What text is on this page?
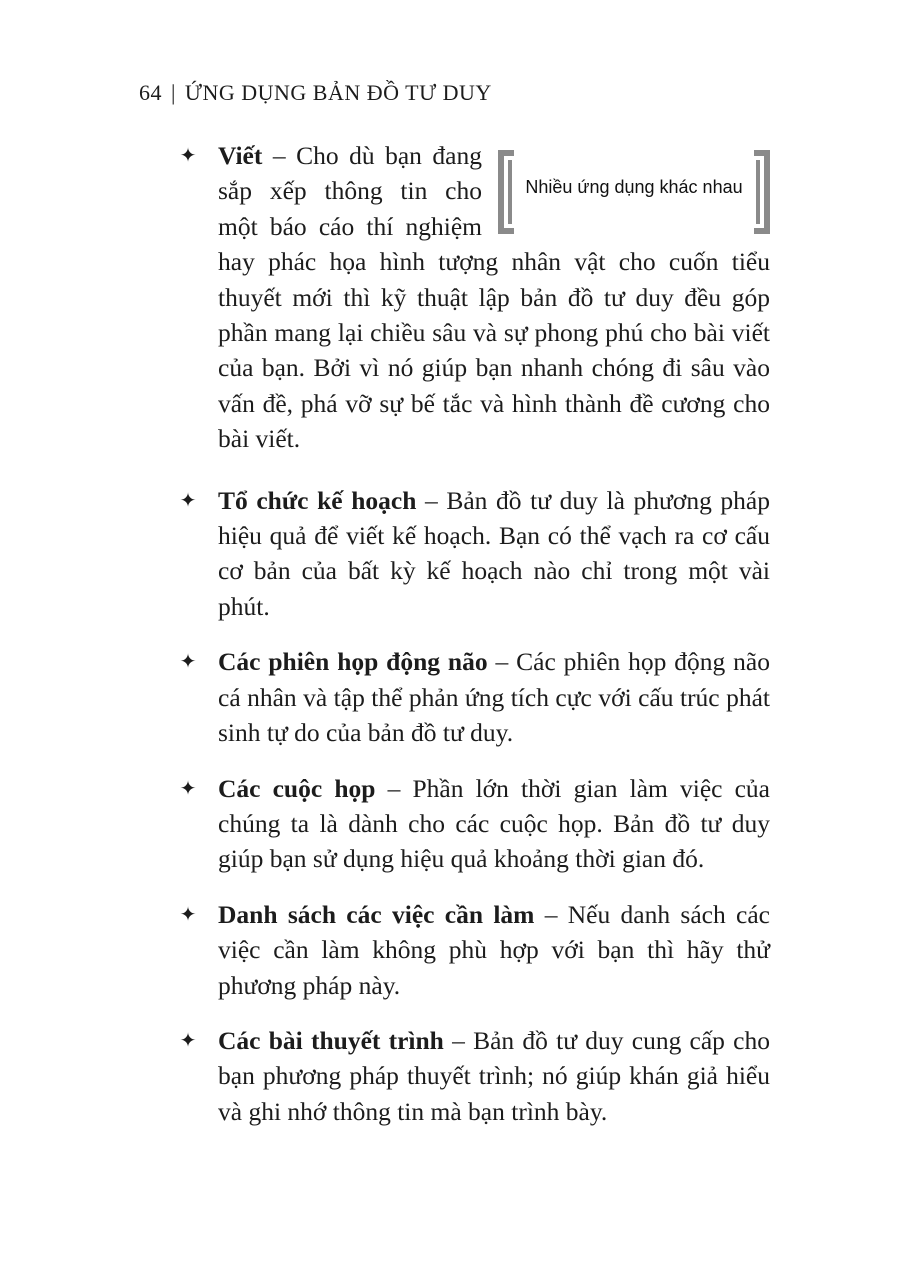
64 | ỨNG DỤNG BẢN ĐỒ TƯ DUY
✦
Nhiều ứng dụng khác nhau
Viết – Cho dù bạn đang sắp xếp thông tin cho một báo cáo thí nghiệm hay phác họa hình tượng nhân vật cho cuốn tiểu thuyết mới thì kỹ thuật lập bản đồ tư duy đều góp phần mang lại chiều sâu và sự phong phú cho bài viết của bạn. Bởi vì nó giúp bạn nhanh chóng đi sâu vào vấn đề, phá vỡ sự bế tắc và hình thành đề cương cho bài viết.
✦ Tổ chức kế hoạch – Bản đồ tư duy là phương pháp hiệu quả để viết kế hoạch. Bạn có thể vạch ra cơ cấu cơ bản của bất kỳ kế hoạch nào chỉ trong một vài phút.
✦ Các phiên họp động não – Các phiên họp động não cá nhân và tập thể phản ứng tích cực với cấu trúc phát sinh tự do của bản đồ tư duy.
✦ Các cuộc họp – Phần lớn thời gian làm việc của chúng ta là dành cho các cuộc họp. Bản đồ tư duy giúp bạn sử dụng hiệu quả khoảng thời gian đó.
✦ Danh sách các việc cần làm – Nếu danh sách các việc cần làm không phù hợp với bạn thì hãy thử phương pháp này.
✦ Các bài thuyết trình – Bản đồ tư duy cung cấp cho bạn phương pháp thuyết trình; nó giúp khán giả hiểu và ghi nhớ thông tin mà bạn trình bày.
